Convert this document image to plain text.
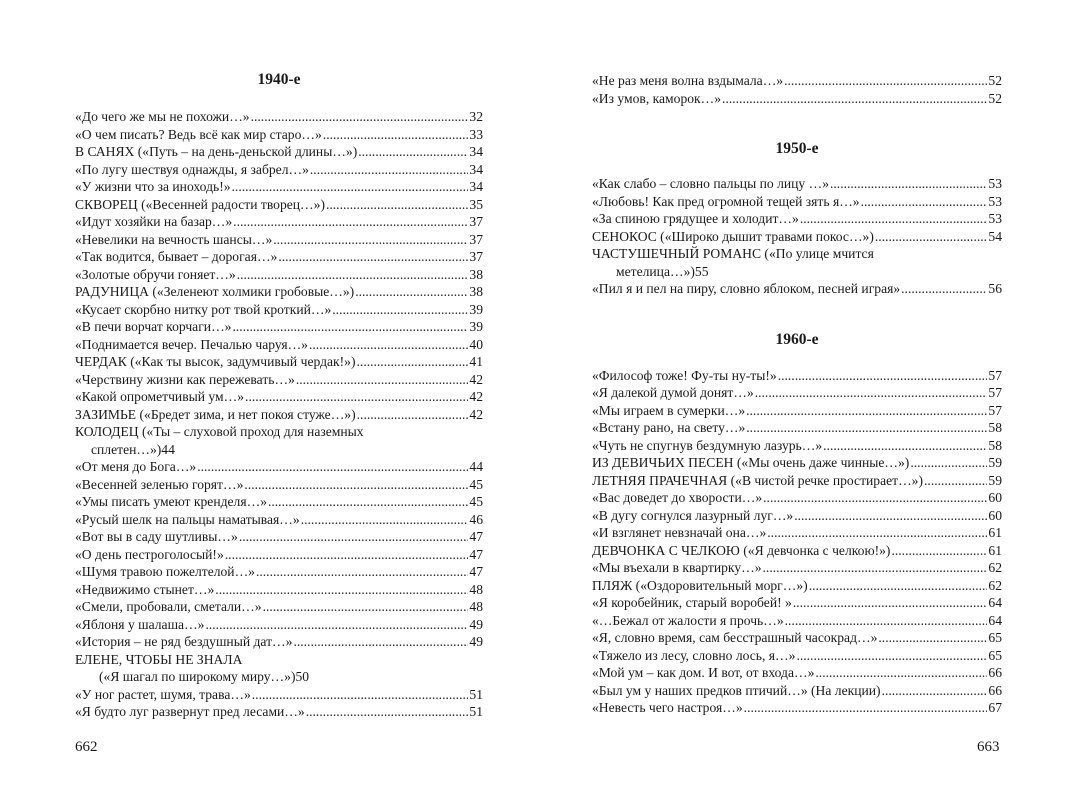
1940-е
«До чего же мы не похожи…» .....	32
«О чем писать? Ведь всё как мир старо…» .....	33
В САНЯХ («Путь – на день-деньской длины…») .....	34
«По лугу шествуя однажды, я забрел…» .....	34
«У жизни что за иноходь!» .....	34
СКВОРЕЦ («Весенней радости творец…») .....	35
«Идут хозяйки на базар…» .....	37
«Невелики на вечность шансы…» .....	37
«Так водится, бывает – дорогая…» .....	37
«Золотые обручи гоняет…» .....	38
РАДУНИЦА («Зеленеют холмики гробовые…») .....	38
«Кусает скорбно нитку рот твой кроткий…» .....	39
«В печи ворчат корчаги…» .....	39
«Поднимается вечер. Печалью чаруя…» .....	40
ЧЕРДАК («Как ты высок, задумчивый чердак!») .....	41
«Черствину жизни как пережевать…» .....	42
«Какой опрометчивый ум…» .....	42
ЗАЗИМЬЕ («Бредет зима, и нет покоя стуже…») .....	42
КОЛОДЕЦ («Ты – слуховой проход для наземных
сплетен…») 44
«От меня до Бога…» .....	44
«Весенней зеленью горят…» .....	45
«Умы писать умеют кренделя…» .....	45
«Русый шелк на пальцы наматывая…» .....	46
«Вот вы в саду шутливы…» .....	47
«О день пестроголосый!» .....	47
«Шумя травою пожелтелой…» .....	47
«Недвижимо стынет…» .....	48
«Смели, пробовали, сметали…» .....	48
«Яблоня у шалаша…» .....	49
«История – не ряд бездушный дат…» .....	49
ЕЛЕНЕ, ЧТОБЫ НЕ ЗНАЛА
(«Я шагал по широкому миру…») 50
«У ног растет, шумя, трава…» .....	51
«Я будто луг развернут пред лесами…» .....	51
«Не раз меня волна вздымала…» .....	52
«Из умов, каморок…» .....	52
1950-е
«Как слабо – словно пальцы по лицу …» .....	53
«Любовь! Как пред огромной тещей зять я…» .....	53
«За спиною грядущее и холодит…» .....	53
СЕНОКОС («Широко дышит травами покос…») .....	54
ЧАСТУШЕЧНЫЙ РОМАНС («По улице мчится
метелица…») 55
«Пил я и пел на пиру, словно яблоком, песней играя» .....	56
1960-е
«Философ тоже! Фу-ты ну-ты!» .....	57
«Я далекой думой донят…» .....	57
«Мы играем в сумерки…» .....	57
«Встану рано, на свету…» .....	58
«Чуть не спугнув бездумную лазурь…» .....	58
ИЗ ДЕВИЧЬИХ ПЕСЕН («Мы очень даже чинные…») .....	59
ЛЕТНЯЯ ПРАЧЕЧНАЯ («В чистой речке простирает…») .....	59
«Вас доведет до хворости…» .....	60
«В дугу согнулся лазурный луг…» .....	60
«И взглянет невзначай она…» .....	61
ДЕВЧОНКА С ЧЕЛКОЮ («Я девчонка с челкою!») .....	61
«Мы въехали в квартирку…» .....	62
ПЛЯЖ («Оздоровительный морг…») .....	62
«Я коробейник, старый воробей! » .....	64
«…Бежал от жалости я прочь…» .....	64
«Я, словно время, сам бесстрашный часокрад…» .....	65
«Тяжело из лесу, словно лось, я…» .....	65
«Мой ум – как дом. И вот, от входа…» .....	66
«Был ум у наших предков птичий…» (На лекции) .....	66
«Невесть чего настроя…» .....	67
662	663
